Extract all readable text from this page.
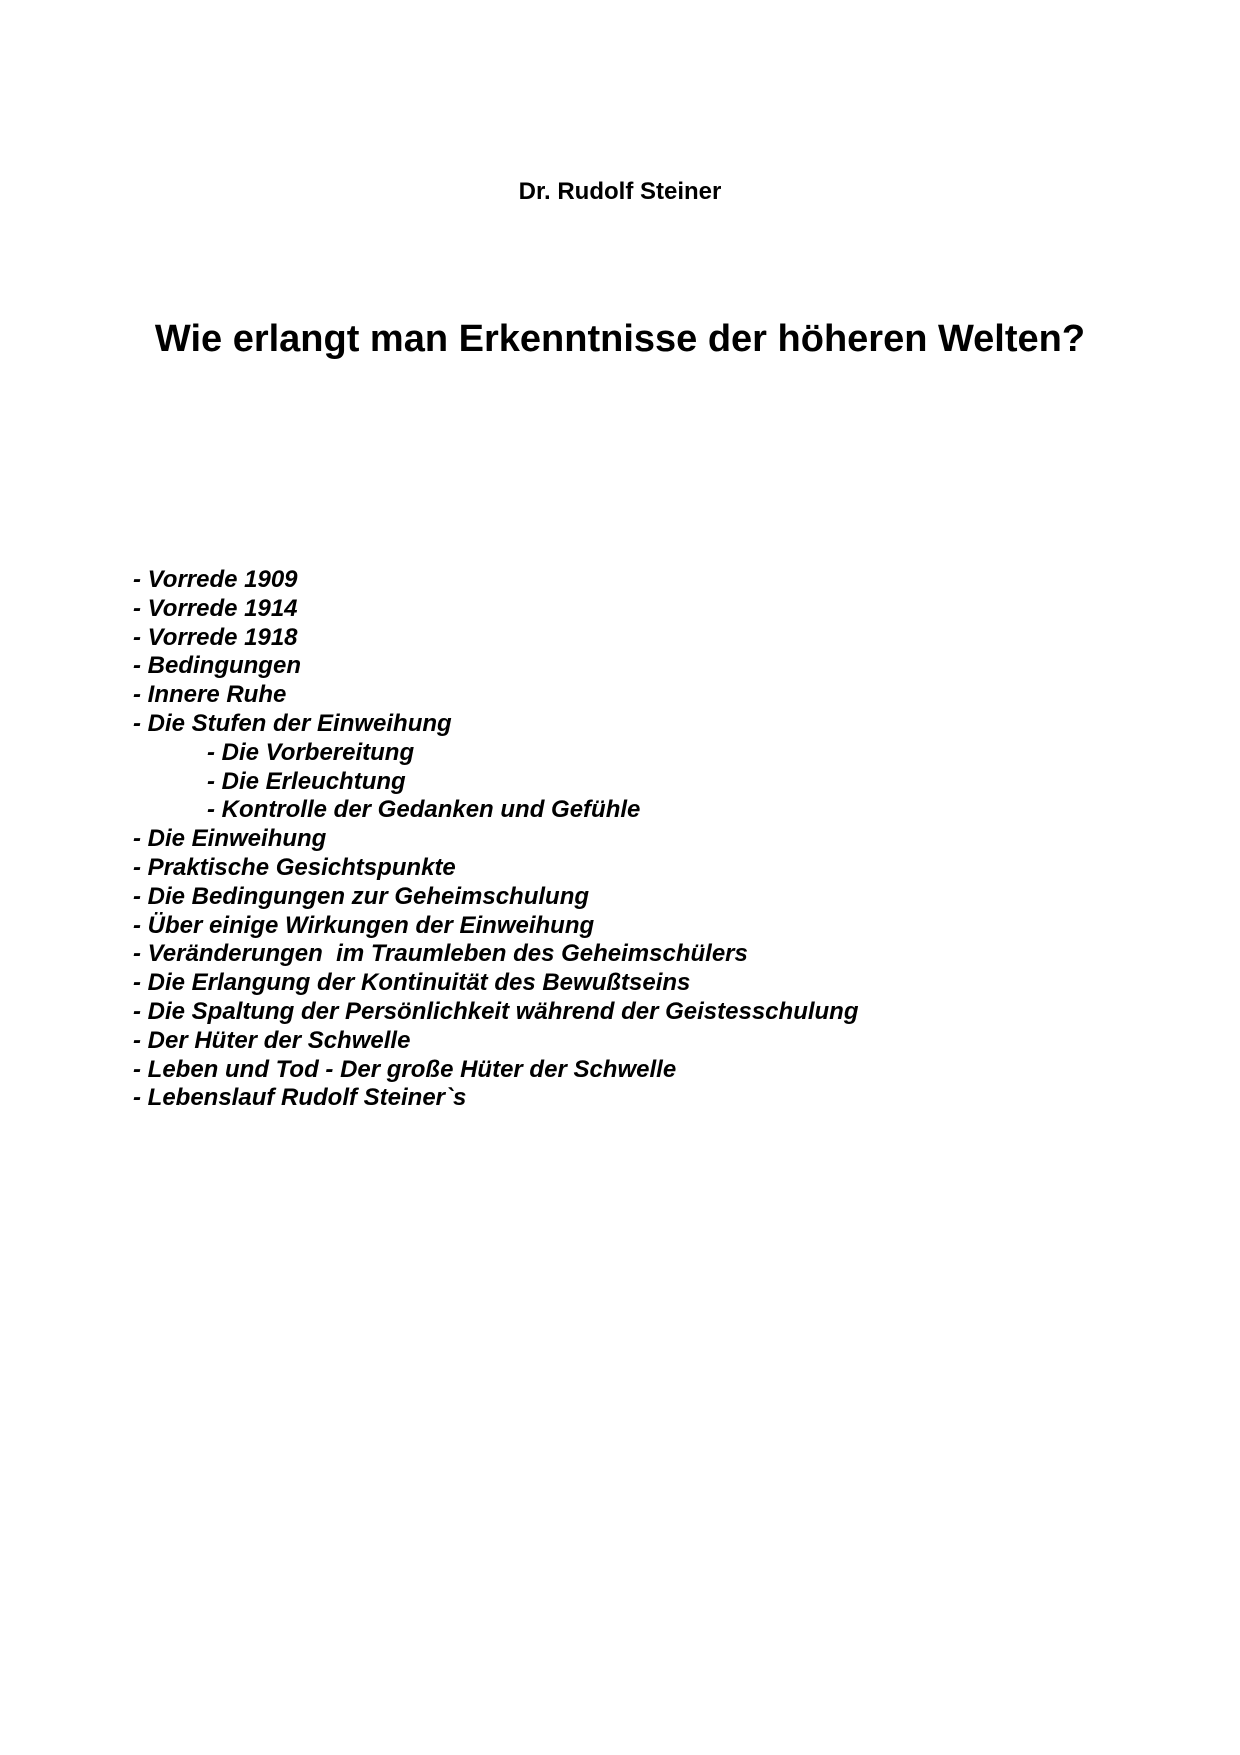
Dr. Rudolf Steiner

Wie erlangt man Erkenntnisse der höheren Welten?
- Vorrede 1909
- Vorrede 1914
- Vorrede 1918
- Bedingungen
- Innere Ruhe
- Die Stufen der Einweihung
- Die Vorbereitung
- Die Erleuchtung
- Kontrolle der Gedanken und Gefühle
- Die Einweihung
- Praktische Gesichtspunkte
- Die Bedingungen zur Geheimschulung
- Über einige Wirkungen der Einweihung
- Veränderungen  im Traumleben des Geheimschülers
- Die Erlangung der Kontinuität des Bewußtseins
- Die Spaltung der Persönlichkeit während der Geistesschulung
- Der Hüter der Schwelle
- Leben und Tod - Der große Hüter der Schwelle
- Lebenslauf Rudolf Steiner`s
